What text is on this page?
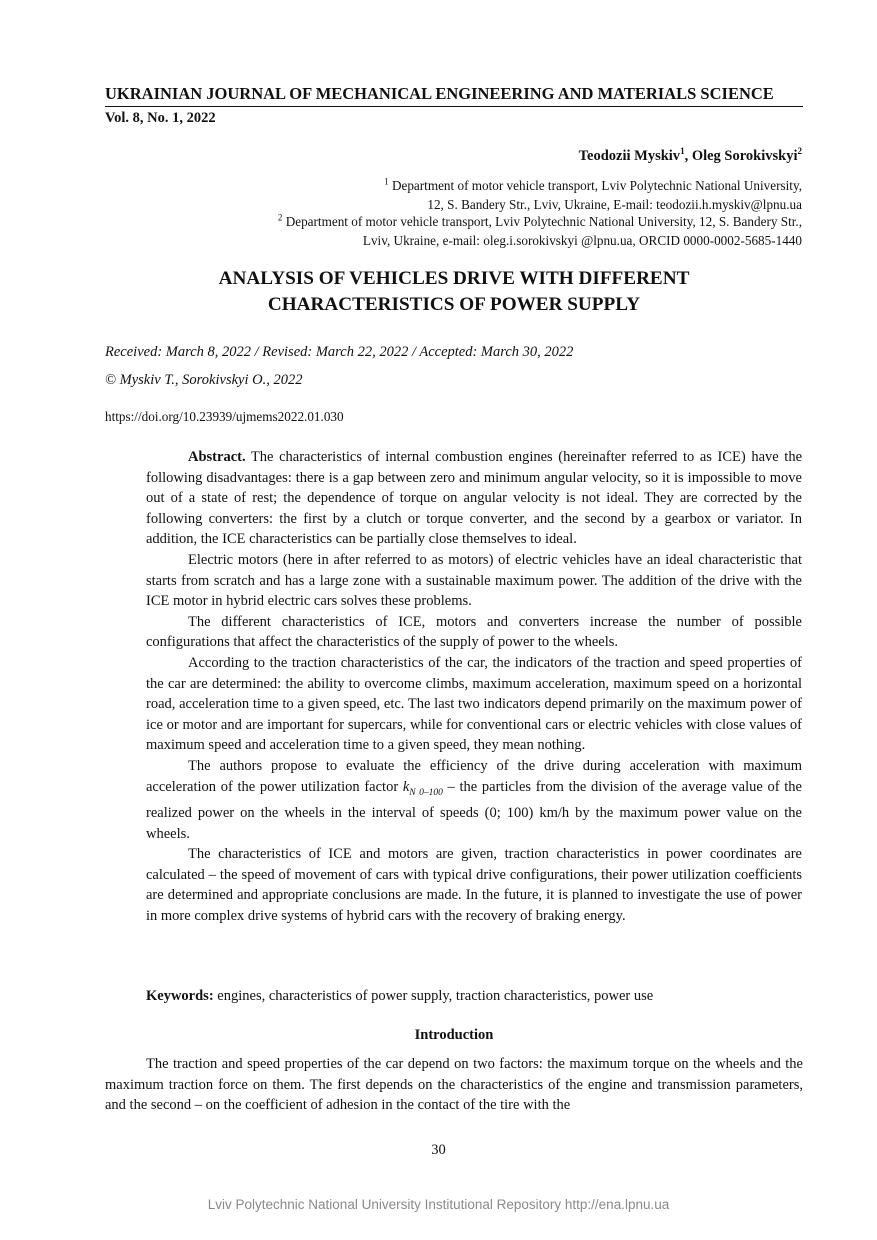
UKRAINIAN JOURNAL OF MECHANICAL ENGINEERING AND MATERIALS SCIENCE
Vol. 8, No. 1, 2022
Teodozii Myskiv$^1$, Oleg Sorokivskyi$^2$
$^1$ Department of motor vehicle transport, Lviv Polytechnic National University,
12, S. Bandery Str., Lviv, Ukraine, E-mail: teodozii.h.myskiv@lpnu.ua
$^2$ Department of motor vehicle transport, Lviv Polytechnic National University, 12, S. Bandery Str.,
Lviv, Ukraine, e-mail: oleg.i.sorokivskyi @lpnu.ua, ORCID 0000-0002-5685-1440
ANALYSIS OF VEHICLES DRIVE WITH DIFFERENT
CHARACTERISTICS OF POWER SUPPLY
Received: March 8, 2022 / Revised: March 22, 2022 / Accepted: March 30, 2022
© Myskiv T., Sorokivskyi O., 2022
https://doi.org/10.23939/ujmems2022.01.030

Abstract. The characteristics of internal combustion engines (hereinafter referred to as ICE) have the following disadvantages: there is a gap between zero and minimum angular velocity, so it is impossible to move out of a state of rest; the dependence of torque on angular velocity is not ideal. They are corrected by the following converters: the first by a clutch or torque converter, and the second by a gearbox or variator. In addition, the ICE characteristics can be partially close themselves to ideal.

Electric motors (here in after referred to as motors) of electric vehicles have an ideal characteristic that starts from scratch and has a large zone with a sustainable maximum power. The addition of the drive with the ICE motor in hybrid electric cars solves these problems.

The different characteristics of ICE, motors and converters increase the number of possible configurations that affect the characteristics of the supply of power to the wheels.

According to the traction characteristics of the car, the indicators of the traction and speed properties of the car are determined: the ability to overcome climbs, maximum acceleration, maximum speed on a horizontal road, acceleration time to a given speed, etc. The last two indicators depend primarily on the maximum power of ice or motor and are important for supercars, while for conventional cars or electric vehicles with close values of maximum speed and acceleration time to a given speed, they mean nothing.

The authors propose to evaluate the efficiency of the drive during acceleration with maximum acceleration of the power utilization factor $k_{N 0-100}$ – the particles from the division of the average value of the realized power on the wheels in the interval of speeds (0; 100) km/h by the maximum power value on the wheels.

The characteristics of ICE and motors are given, traction characteristics in power coordinates are calculated – the speed of movement of cars with typical drive configurations, their power utilization coefficients are determined and appropriate conclusions are made. In the future, it is planned to investigate the use of power in more complex drive systems of hybrid cars with the recovery of braking energy.

Keywords: engines, characteristics of power supply, traction characteristics, power use
Introduction

The traction and speed properties of the car depend on two factors: the maximum torque on the wheels and the maximum traction force on them. The first depends on the characteristics of the engine and transmission parameters, and the second – on the coefficient of adhesion in the contact of the tire with the

30
Lviv Polytechnic National University Institutional Repository http://ena.lpnu.ua
